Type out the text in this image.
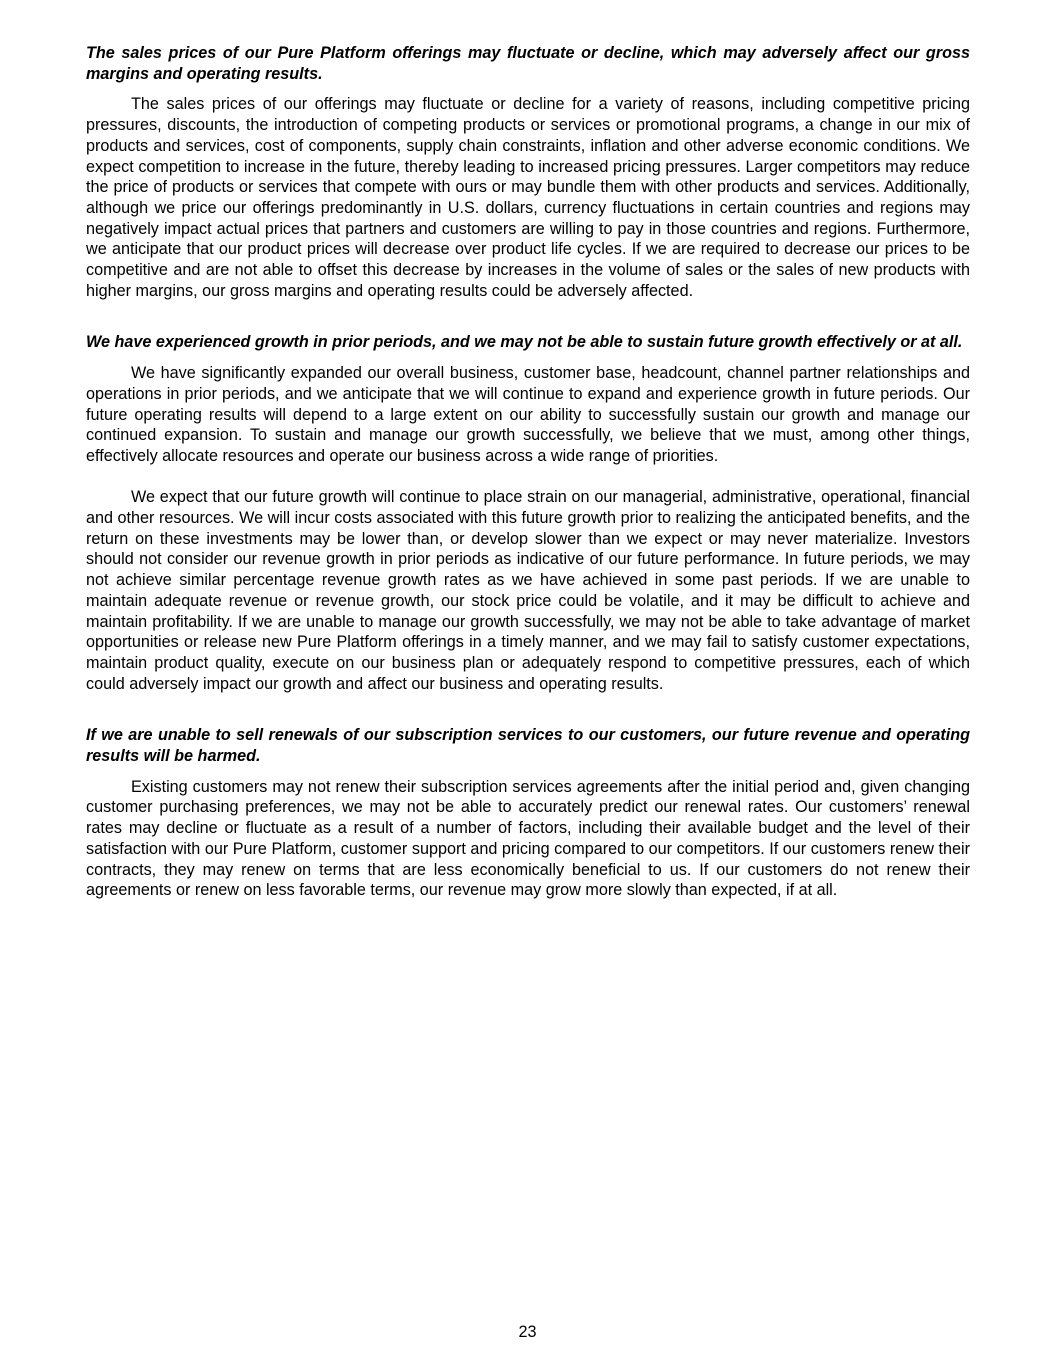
The sales prices of our Pure Platform offerings may fluctuate or decline, which may adversely affect our gross margins and operating results.

The sales prices of our offerings may fluctuate or decline for a variety of reasons, including competitive pricing pressures, discounts, the introduction of competing products or services or promotional programs, a change in our mix of products and services, cost of components, supply chain constraints, inflation and other adverse economic conditions. We expect competition to increase in the future, thereby leading to increased pricing pressures. Larger competitors may reduce the price of products or services that compete with ours or may bundle them with other products and services. Additionally, although we price our offerings predominantly in U.S. dollars, currency fluctuations in certain countries and regions may negatively impact actual prices that partners and customers are willing to pay in those countries and regions. Furthermore, we anticipate that our product prices will decrease over product life cycles. If we are required to decrease our prices to be competitive and are not able to offset this decrease by increases in the volume of sales or the sales of new products with higher margins, our gross margins and operating results could be adversely affected.

We have experienced growth in prior periods, and we may not be able to sustain future growth effectively or at all.

We have significantly expanded our overall business, customer base, headcount, channel partner relationships and operations in prior periods, and we anticipate that we will continue to expand and experience growth in future periods. Our future operating results will depend to a large extent on our ability to successfully sustain our growth and manage our continued expansion. To sustain and manage our growth successfully, we believe that we must, among other things, effectively allocate resources and operate our business across a wide range of priorities.

We expect that our future growth will continue to place strain on our managerial, administrative, operational, financial and other resources. We will incur costs associated with this future growth prior to realizing the anticipated benefits, and the return on these investments may be lower than, or develop slower than we expect or may never materialize. Investors should not consider our revenue growth in prior periods as indicative of our future performance. In future periods, we may not achieve similar percentage revenue growth rates as we have achieved in some past periods. If we are unable to maintain adequate revenue or revenue growth, our stock price could be volatile, and it may be difficult to achieve and maintain profitability. If we are unable to manage our growth successfully, we may not be able to take advantage of market opportunities or release new Pure Platform offerings in a timely manner, and we may fail to satisfy customer expectations, maintain product quality, execute on our business plan or adequately respond to competitive pressures, each of which could adversely impact our growth and affect our business and operating results.

If we are unable to sell renewals of our subscription services to our customers, our future revenue and operating results will be harmed.

Existing customers may not renew their subscription services agreements after the initial period and, given changing customer purchasing preferences, we may not be able to accurately predict our renewal rates. Our customers’ renewal rates may decline or fluctuate as a result of a number of factors, including their available budget and the level of their satisfaction with our Pure Platform, customer support and pricing compared to our competitors. If our customers renew their contracts, they may renew on terms that are less economically beneficial to us. If our customers do not renew their agreements or renew on less favorable terms, our revenue may grow more slowly than expected, if at all.

23
